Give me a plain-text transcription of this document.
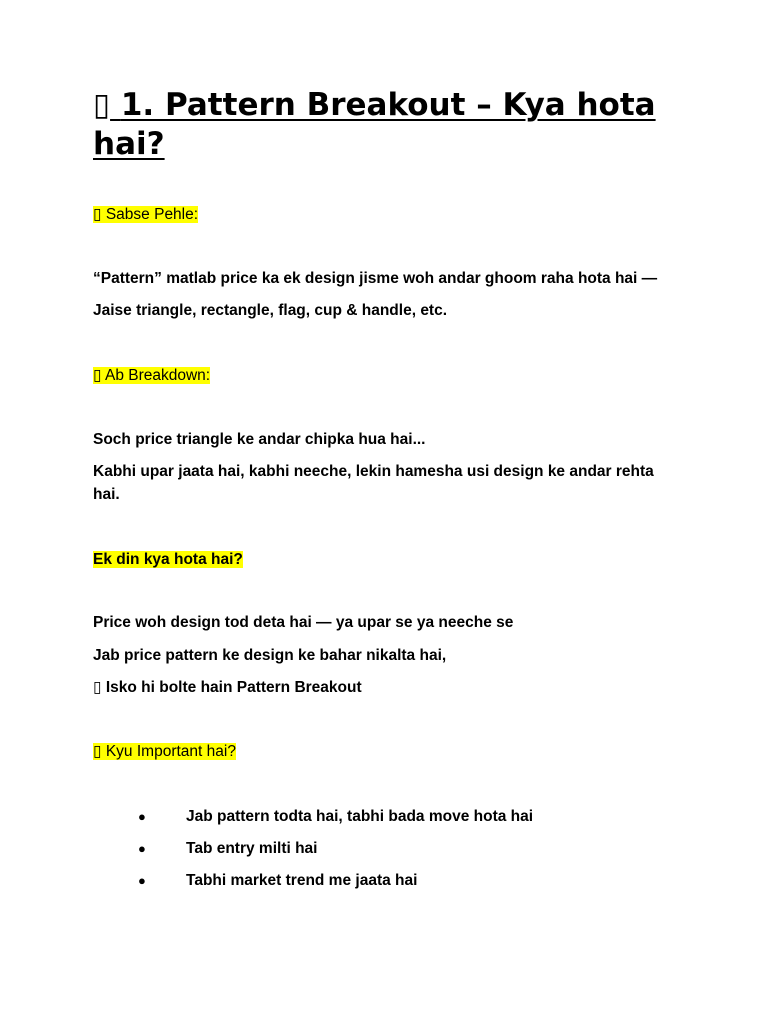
▯ 1. Pattern Breakout – Kya hota hai?
▯ Sabse Pehle:
“Pattern” matlab price ka ek design jisme woh andar ghoom raha hota hai —
Jaise triangle, rectangle, flag, cup & handle, etc.
▯ Ab Breakdown:
Soch price triangle ke andar chipka hua hai...
Kabhi upar jaata hai, kabhi neeche, lekin hamesha usi design ke andar rehta hai.
Ek din kya hota hai?
Price woh design tod deta hai — ya upar se ya neeche se
Jab price pattern ke design ke bahar nikalta hai,
▯ Isko hi bolte hain Pattern Breakout
▯ Kyu Important hai?
●	Jab pattern todta hai, tabhi bada move hota hai
●	Tab entry milti hai
●	Tabhi market trend me jaata hai
